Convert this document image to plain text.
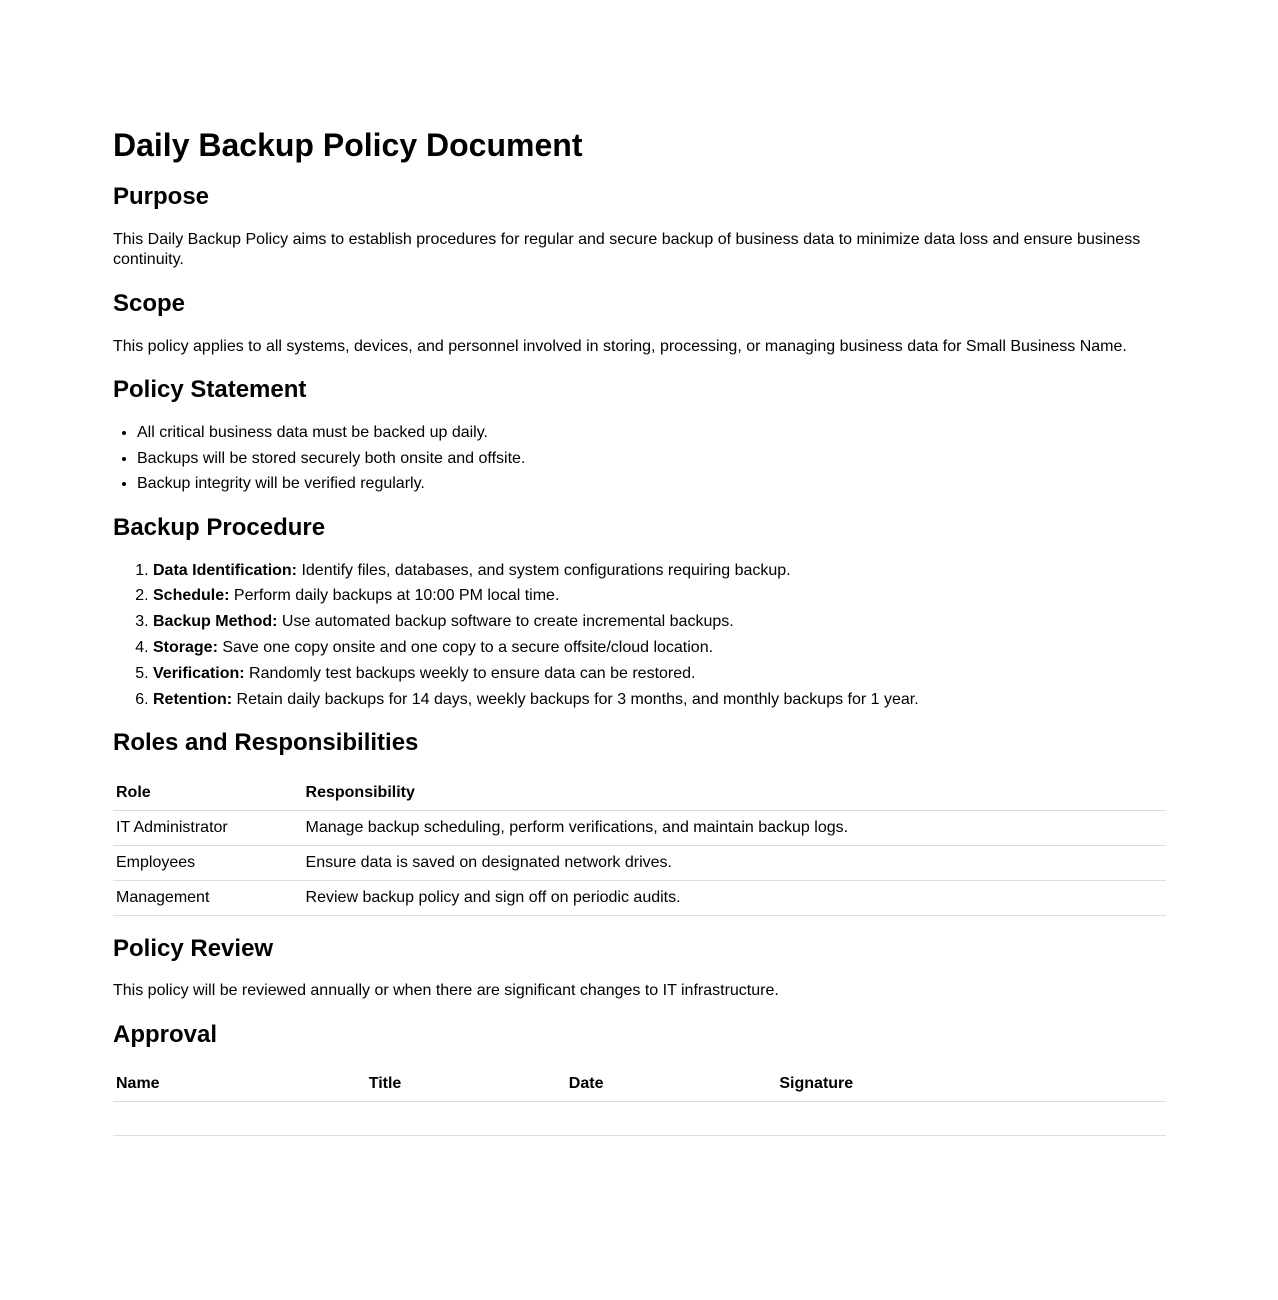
Daily Backup Policy Document
Purpose

This Daily Backup Policy aims to establish procedures for regular and secure backup of business data to minimize data loss and ensure business continuity.

Scope

This policy applies to all systems, devices, and personnel involved in storing, processing, or managing business data for Small Business Name.

Policy Statement
• All critical business data must be backed up daily.
• Backups will be stored securely both onsite and offsite.
• Backup integrity will be verified regularly.
Backup Procedure
1. Data Identification: Identify files, databases, and system configurations requiring backup.
2. Schedule: Perform daily backups at 10:00 PM local time.
3. Backup Method: Use automated backup software to create incremental backups.
4. Storage: Save one copy onsite and one copy to a secure offsite/cloud location.
5. Verification: Randomly test backups weekly to ensure data can be restored.
6. Retention: Retain daily backups for 14 days, weekly backups for 3 months, and monthly backups for 1 year.
Roles and Responsibilities
Role	Responsibility
IT Administrator	Manage backup scheduling, perform verifications, and maintain backup logs.
Employees	Ensure data is saved on designated network drives.
Management	Review backup policy and sign off on periodic audits.
Policy Review

This policy will be reviewed annually or when there are significant changes to IT infrastructure.

Approval
Name	Title	Date	Signature
